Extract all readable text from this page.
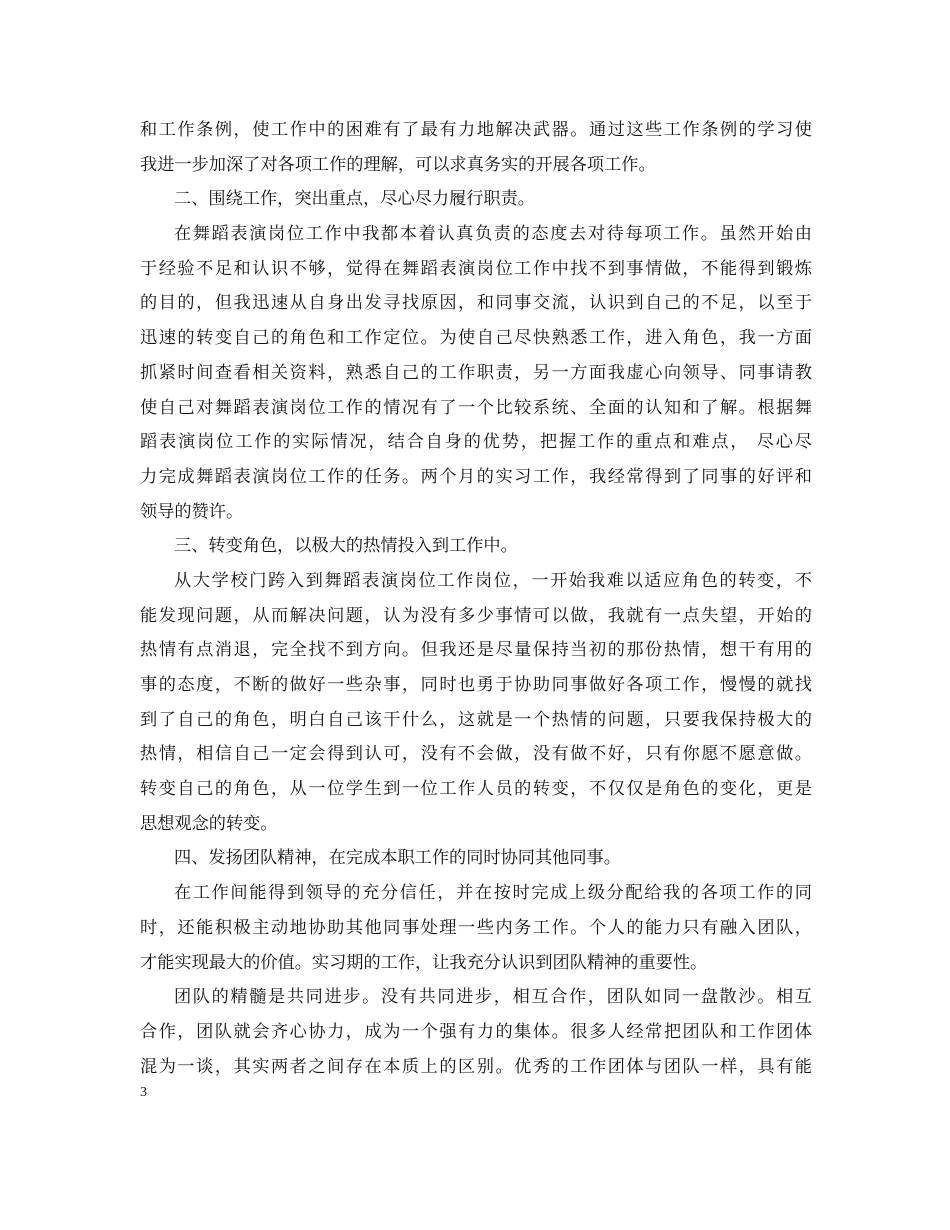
和工作条例，使工作中的困难有了最有力地解决武器。通过这些工作条例的学习使
我进一步加深了对各项工作的理解，可以求真务实的开展各项工作。
二、围绕工作，突出重点，尽心尽力履行职责。
在舞蹈表演岗位工作中我都本着认真负责的态度去对待每项工作。虽然开始由
于经验不足和认识不够，觉得在舞蹈表演岗位工作中找不到事情做，不能得到锻炼
的目的，但我迅速从自身出发寻找原因，和同事交流，认识到自己的不足，以至于
迅速的转变自己的角色和工作定位。为使自己尽快熟悉工作，进入角色，我一方面
抓紧时间查看相关资料，熟悉自己的工作职责，另一方面我虚心向领导、同事请教
使自己对舞蹈表演岗位工作的情况有了一个比较系统、全面的认知和了解。根据舞
蹈表演岗位工作的实际情况，结合自身的优势，把握工作的重点和难点， 尽心尽
力完成舞蹈表演岗位工作的任务。两个月的实习工作，我经常得到了同事的好评和
领导的赞许。
三、转变角色，以极大的热情投入到工作中。
从大学校门跨入到舞蹈表演岗位工作岗位，一开始我难以适应角色的转变，不
能发现问题，从而解决问题，认为没有多少事情可以做，我就有一点失望，开始的
热情有点消退，完全找不到方向。但我还是尽量保持当初的那份热情，想干有用的
事的态度，不断的做好一些杂事，同时也勇于协助同事做好各项工作，慢慢的就找
到了自己的角色，明白自己该干什么，这就是一个热情的问题，只要我保持极大的
热情，相信自己一定会得到认可，没有不会做，没有做不好，只有你愿不愿意做。
转变自己的角色，从一位学生到一位工作人员的转变，不仅仅是角色的变化，更是
思想观念的转变。
四、发扬团队精神，在完成本职工作的同时协同其他同事。
在工作间能得到领导的充分信任，并在按时完成上级分配给我的各项工作的同
时，还能积极主动地协助其他同事处理一些内务工作。个人的能力只有融入团队，
才能实现最大的价值。实习期的工作，让我充分认识到团队精神的重要性。
团队的精髓是共同进步。没有共同进步，相互合作，团队如同一盘散沙。相互
合作，团队就会齐心协力，成为一个强有力的集体。很多人经常把团队和工作团体
混为一谈，其实两者之间存在本质上的区别。优秀的工作团体与团队一样，具有能
3
